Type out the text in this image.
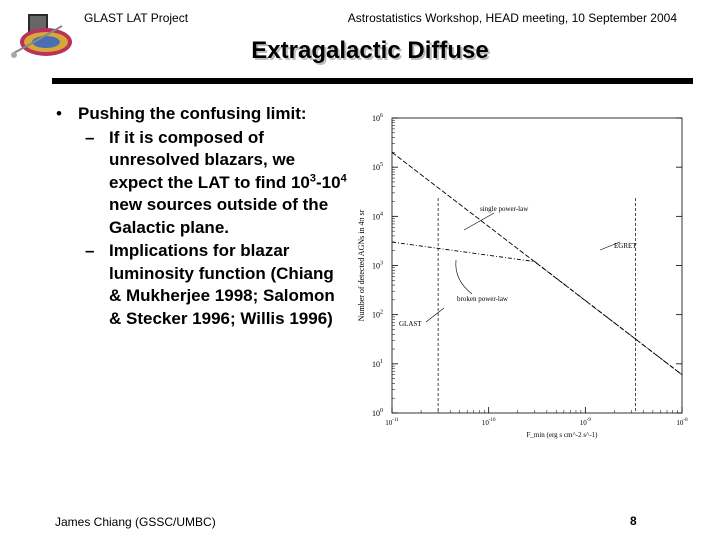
GLAST LAT Project	Astrostatistics Workshop, HEAD meeting, 10 September 2004
Extragalactic Diffuse
• Pushing the confusing limit:
– If it is composed of unresolved blazars, we expect the LAT to find $10^3-10^4$ new sources outside of the Galactic plane.
– Implications for blazar luminosity function (Chiang & Mukherjee 1998; Salomon & Stecker 1996; Willis 1996)
$10^6$
$10^5$
$10^4$
$10^3$
$10^2$
$10^1$
$10^0$
$10^{-11}$	$10^{-10}$	$10^{-9}$	$10^{-8}$
single power-law
broken power-law
EGRET
GLAST
Number of detected AGNs in 4π sr
F_min (erg s cm^-2 s^-1)
James Chiang (GSSC/UMBC)	8
